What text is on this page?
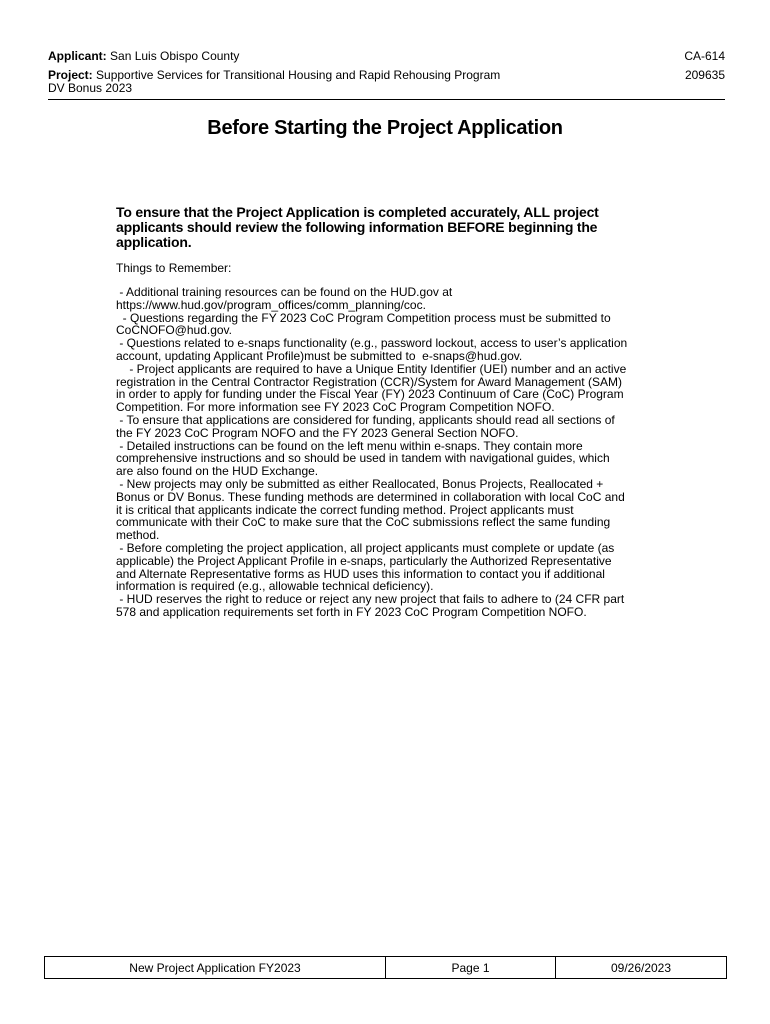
Applicant: San Luis Obispo County	CA-614
Project: Supportive Services for Transitional Housing and Rapid Rehousing Program	209635
DV Bonus 2023
Before Starting the Project Application
To ensure that the Project Application is completed accurately, ALL project applicants should review the following information BEFORE beginning the application.
Things to Remember:
- Additional training resources can be found on the HUD.gov at
https://www.hud.gov/program_offices/comm_planning/coc.
- Questions regarding the FY 2023 CoC Program Competition process must be submitted to
CoCNOFO@hud.gov.
- Questions related to e-snaps functionality (e.g., password lockout, access to user’s application
account, updating Applicant Profile)must be submitted to  e-snaps@hud.gov.
- Project applicants are required to have a Unique Entity Identifier (UEI) number and an active
registration in the Central Contractor Registration (CCR)/System for Award Management (SAM)
in order to apply for funding under the Fiscal Year (FY) 2023 Continuum of Care (CoC) Program
Competition. For more information see FY 2023 CoC Program Competition NOFO.
- To ensure that applications are considered for funding, applicants should read all sections of
the FY 2023 CoC Program NOFO and the FY 2023 General Section NOFO.
- Detailed instructions can be found on the left menu within e-snaps. They contain more
comprehensive instructions and so should be used in tandem with navigational guides, which
are also found on the HUD Exchange.
- New projects may only be submitted as either Reallocated, Bonus Projects, Reallocated +
Bonus or DV Bonus. These funding methods are determined in collaboration with local CoC and
it is critical that applicants indicate the correct funding method. Project applicants must
communicate with their CoC to make sure that the CoC submissions reflect the same funding
method.
- Before completing the project application, all project applicants must complete or update (as
applicable) the Project Applicant Profile in e-snaps, particularly the Authorized Representative
and Alternate Representative forms as HUD uses this information to contact you if additional
information is required (e.g., allowable technical deficiency).
- HUD reserves the right to reduce or reject any new project that fails to adhere to (24 CFR part
578 and application requirements set forth in FY 2023 CoC Program Competition NOFO.
New Project Application FY2023	Page 1	09/26/2023
